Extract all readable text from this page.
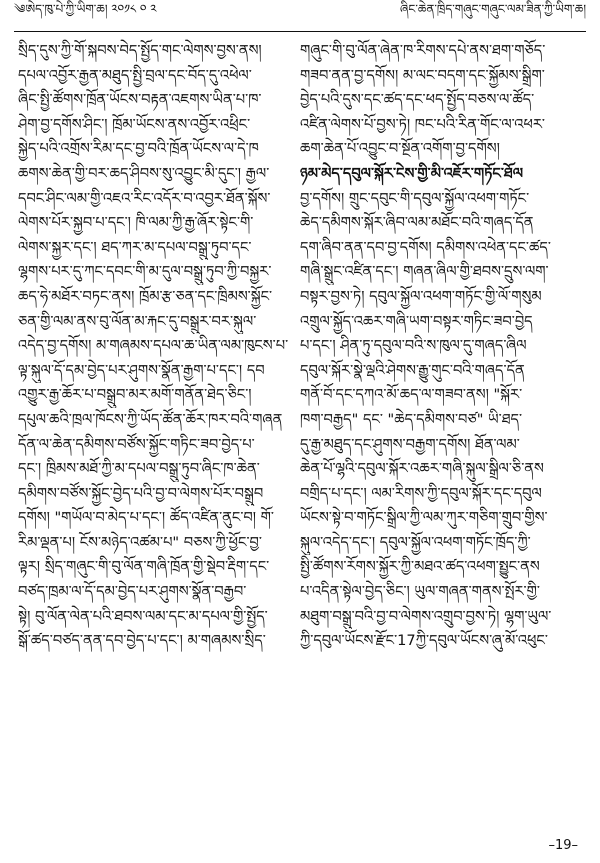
༄ཨེད་ཁུ་པེ་ཀྱི་ཡིག་ཆ། ༢༠༡༨ ༠ ༢	ཞིང་ཆེན་ཁྲིད་གཞུང་གཞུང་ལམ་ཟིན་ཀྱི་ཡིག་ཆ།
སྲིད་དུས་ཀྱི་གོ་སྐབས་བེད་སྤྱོད་གང་ལེགས་བྱས་ནས།
དཔལ་འབྱོར་རྒྱན་མཐུད་སྤྱི་བྲལ་དང་བོད་དུ་འཕེལ་
ཞིང་སྤྱི་ཚོགས་ཁྲོན་ཡོངས་བརྟན་འཇགས་ཡིན་པ་ཁ་
ཤེག་བྱ་དགོས་ཤིང་། ཁྲོམ་ཡོངས་ནས་འབྱོར་འཕྲིང་
སྐྱེད་པའི་འགྲོས་རིམ་དང་བྱ་བའི་ཁྲོན་ཡོངས་ལ་དེ་ཁ
ཆགས་ཆེན་གྱི་བར་ཆད་ཤིབས་སུ་འབྱུང་མི་དུང་། རྒྱལ་
དབང་ཤིང་ལམ་གྱི་འཇའ་རིང་འདོར་བ་འབྱར་ཐོན་སྐོས་
ལེགས་པོར་སྐྱབ་པ་དང་། ཁི་ལམ་ཀྱི་རྒྱ་ཞོར་སྟེང་གི་
ལེགས་སྐྱར་དང་། ཐད་ཀར་མ་དཔལ་བསྒྲུ་ཏུབ་དང་
ལྷགས་པར་དུ་ཀང་དབང་གི་མ་དུལ་བསྒྲུ་ཏུབ་ཀྱི་བསྐྱར་
ཆད་ཧེ་མཐོར་བཏང་ནས། ཁྲོམ་རྩ་ཅན་དང་ཁྲིམས་སྐྱོང་
ཅན་གྱི་ལམ་ནས་བུ་ལོན་མ་རྐང་དུ་བསྒྲུར་བར་སྐུལ་
འདེད་བྱ་དགོས། མ་གཞམས་དཔལ་ཆ་ཡིན་ལམ་ཁུངས་པ་
ལྟ་སྐུལ་དོ་དམ་བྱེད་པར་ཤུགས་སྣོན་རྒྱག་པ་དང་། དབ
འགྱུར་རྒྱ་ཆོར་པ་བསྒྲུབ་མར་མགོ་གནོན་ཐེད་ཅིང་།
དཔུལ་ཆའི་ཁྲལ་ཁོངས་ཀྱི་ཡོད་ཚོན་ཆོར་ཁར་བའི་གཞན
དོན་ལ་ཆེན་དམིགས་བཙོས་སྐྱོང་གཏིང་ཟབ་བྱེད་པ་
དང་། ཁྲིམས་མཐོ་ཀྱི་མ་དཔལ་བསྒྲུ་ཏུབ་ཞིང་ཁ་ཆེན་
དམིགས་བཙོས་སྐྱོང་བྱེད་པའི་བྱ་བ་ལེགས་པོར་བསྒྲུབ
དགོས། "གཡོལ་བ་མེད་པ་དང་། ཚོད་འཛིན་ནུང་བ། གོ་
རིམ་ལྡན་པ། ངོས་མཉེད་འཚམ་པ" བཅས་ཀྱི་ཕྱོང་བྱ་
ལྟར། སྲིད་གཞུང་གི་བུ་ལོན་གཞི་ཁྲོན་གྱི་སྡེབ་རྡིག་དང་
བཙད་ཁྲམ་ལ་དོ་དམ་བྱེད་པར་ཤུགས་སྣོན་བརྒྱབ་
སྟེ། བུ་ལོན་ལེན་པའི་ཐབས་ལམ་དང་མ་དཔལ་གྱི་སྤྱོད་
སྒོ་ཚད་བཙད་ནན་དབ་བྱེད་པ་དང་། མ་གཞམས་སྲིད་
གཞུང་གི་བུ་ལོན་ཞེན་ཁ་རིགས་དཔེ་ནས་ཐག་གཅོད་
གཟབ་ནན་བྱ་དགོས། མ་ལང་བདག་དང་སྐྱོམས་སྒྲིག་
བྱེད་པའི་དུས་དང་ཚད་དང་ཕད་སྤྱོད་བཅས་ལ་ཚོད་
འཛིན་ལེགས་པོ་བྱས་ཏེ། ཁང་པའི་རིན་གོང་ལ་འཕར་
ཆག་ཆེན་པོ་འབྱུང་བ་སྔོན་འགོག་བྱ་དགོས།
ཉམ་མེད་དབུལ་སྐོར་ངེས་གྱི་མི་འཇོར་གཏོང་ཐོལ
བྱ་དགོས། གྲུང་དབུང་གི་དབུལ་སྐྱོལ་འཕག་གཏོང་
ཆེད་དམིགས་སྐོར་ཞིབ་ལམ་མཐོང་བའི་གཞད་དོན
དག་ཞིབ་ནན་དབ་བྱ་དགོས། དམིགས་འཕེན་དང་ཚད་
གཞི་སྒྲུང་འཛིན་དང་། གཞན་ཞིལ་གྱི་ཐབས་དྲུས་ལག་
བསྟར་བྱས་ཏེ། དབུལ་སྐྱོལ་འཕག་གཏོང་གྱི་ལོ་གསུམ
འགྲུལ་སྐྱོད་འཆར་གཞི་ཡག་བསྟར་གཏིང་ཟབ་བྱེད
པ་དང་། ཤིན་ཏུ་དབུལ་བའི་ས་ཁུལ་དུ་གཞད་ཞིལ
དབུལ་སྐོར་སྣེ་ལྡའི་ཤེགས་རྒྱུ་གུང་བའི་གཞད་དོན
གནོ་བོ་དང་དཀའ་མོ་ཆད་ལ་གཟབ་ནས། "སྐོར་
ཁག་བརྒྱད" དང་ "ཆེད་དམིགས་བཙ" ཡི་ཐད་
དུ་རྒྱ་མཐུད་དང་ཤུགས་བརྒྱག་དགོས། ཐོན་ལམ་
ཆེན་པོ་ལྷའི་དབུལ་སྐོར་འཆར་གཞི་སྐུལ་སྒྲིལ་ཅི་ནས
བགྲིད་པ་དང་། ལམ་རིགས་ཀྱི་དབུལ་སྐོར་དང་དབུལ
ཡོངས་སྟེ་བ་གཏོང་སྒྲིལ་ཀྱི་ལམ་ཀུར་གཅིག་གྲུབ་གྱིས་
སྐུལ་འདེད་དང་། དབུལ་སྐྱོལ་འཕག་གཏོང་ཁྲོད་ཀྱི་
སྤྱི་ཚོགས་རོགས་སྐྱོར་ཀྱི་མཐའ་ཚད་འཕག་སྤྱུང་ནས
པ་འདིན་སྟེལ་བྱེད་ཅིང་། ཡུལ་གཞན་གནས་སྤོར་གྱི་
མཐུག་བསྒྲུ་བའི་བྱ་བ་ལེགས་འགྲུབ་བྱས་ཏེ། ལྷག་ཡུལ་
ཀྱི་དབུལ་ཡོངས་རྫོང་17ཀྱི་དབུལ་ཡོངས་ཞུ་མོ་འཕུང་
–19–
